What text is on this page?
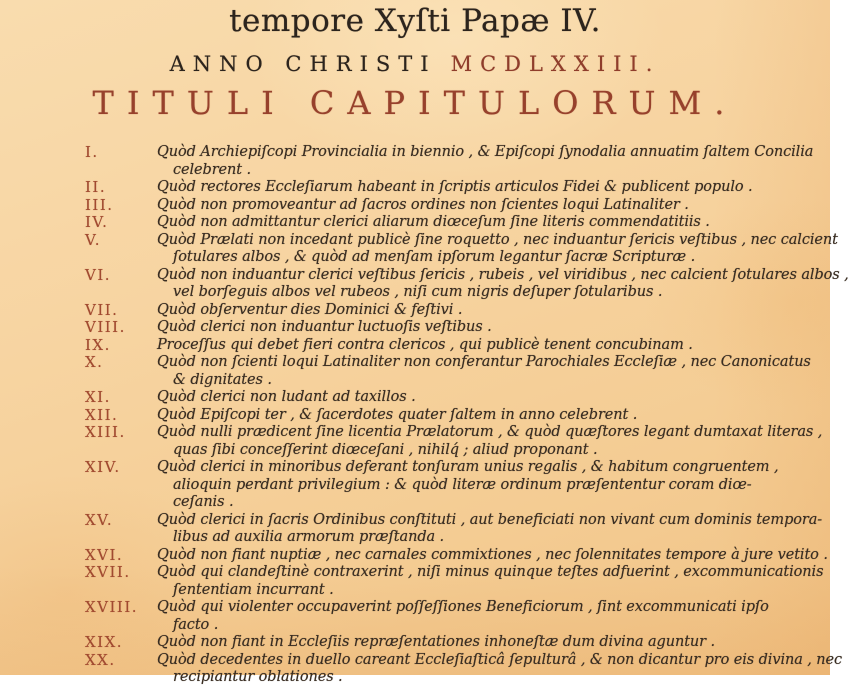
tempore Xyſti Papæ IV.
ANNO CHRISTI MCDLXXIII.
TITULI CAPITULORUM.
I.	Quòd Archiepiſcopi Provincialia in biennio , & Epiſcopi ſynodalia annuatim ſaltem Concilia
celebrent .
II.	Quòd rectores Eccleſiarum habeant in ſcriptis articulos Fidei & publicent populo .
III.	Quòd non promoveantur ad ſacros ordines non ſcientes loqui Latinaliter .
IV.	Quòd non admittantur clerici aliarum diœceſum ſine literis commendatitiis .
V.	Quòd Prælati non incedant publicè ſine roquetto , nec induantur ſericis veſtibus , nec calcient
ſotulares albos , & quòd ad menſam ipſorum legantur ſacræ Scripturæ .
VI.	Quòd non induantur clerici veſtibus ſericis , rubeis , vel viridibus , nec calcient ſotulares albos ,
vel borſeguis albos vel rubeos , niſi cum nigris deſuper ſotularibus .
VII.	Quòd obſerventur dies Dominici & feſtivi .
VIII.	Quòd clerici non induantur luctuoſis veſtibus .
IX.	Proceſſus qui debet fieri contra clericos , qui publicè tenent concubinam .
X.	Quòd non ſcienti loqui Latinaliter non conferantur Parochiales Eccleſiæ , nec Canonicatus
& dignitates .
XI.	Quòd clerici non ludant ad taxillos .
XII.	Quòd Epiſcopi ter , & ſacerdotes quater ſaltem in anno celebrent .
XIII.	Quòd nulli prædicent ſine licentia Prælatorum , & quòd quæſtores legant dumtaxat literas ,
quas ſibi conceſſerint diœceſani , nihilq́ ; aliud proponant .
XIV.	Quòd clerici in minoribus deferant tonſuram unius regalis , & habitum congruentem ,
alioquin perdant privilegium : & quòd literæ ordinum præſententur coram diœ-
ceſanis .
XV.	Quòd clerici in ſacris Ordinibus conſtituti , aut beneficiati non vivant cum dominis tempora-
libus ad auxilia armorum præſtanda .
XVI.	Quòd non fiant nuptiæ , nec carnales commixtiones , nec ſolennitates tempore à jure vetito .
XVII.	Quòd qui clandeſtinè contraxerint , niſi minus quinque teſtes adfuerint , excommunicationis
ſententiam incurrant .
XVIII.	Quòd qui violenter occupaverint poſſeſſiones Beneficiorum , ſint excommunicati ipſo
facto .
XIX.	Quòd non fiant in Eccleſiis repræſentationes inhoneſtæ dum divina aguntur .
XX.	Quòd decedentes in duello careant Eccleſiaſticâ ſepulturâ , & non dicantur pro eis divina , nec
recipiantur oblationes .
